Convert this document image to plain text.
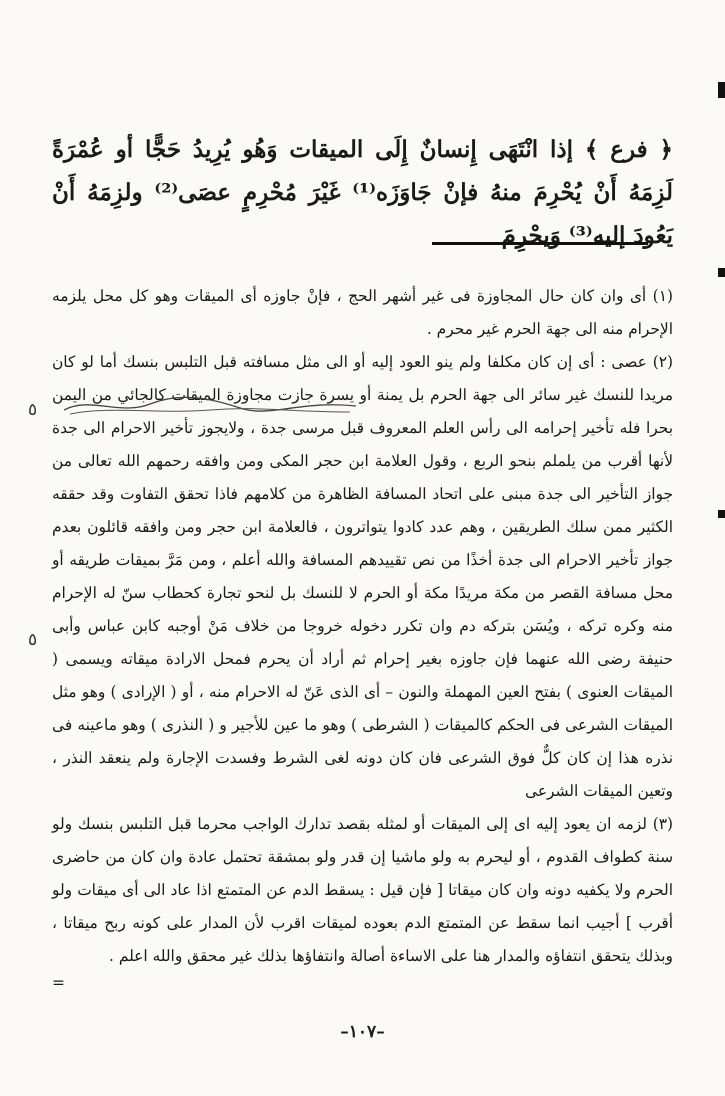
﴿ فرع ﴾ إذا انْتَهَى إِنسانٌ إِلَى الميقات وَهُو يُرِيدُ حَجًّا أو عُمْرَةً لَزِمَهُ أَنْ يُحْرِمَ منهُ فإنْ جَاوَزَه⁽¹⁾ غَيْرَ مُحْرِمٍ عصَى⁽²⁾ ولزِمَهُ أَنْ يَعُودَ إليه⁽³⁾ وَيحْرِمَ

(١) أى وان كان حال المجاوزة فى غير أشهر الحج ، فإنْ جاوزه أى الميقات وهو كل محل يلزمه الإحرام منه الى جهة الحرم غير محرم .

(٢) عصى : أى إن كان مكلفا ولم ينو العود إليه أو الى مثل مسافته قبل التلبس بنسك أما لو كان مريدا للنسك غير سائر الى جهة الحرم بل يمنة أو يسرة جازت مجاوزة الميقات كالجائي من اليمن بحرا فله تأخير إحرامه الى رأس العلم المعروف قبل مرسى جدة ، ولايجوز تأخير الاحرام الى جدة لأنها أقرب من يلملم بنحو الربع ، وقول العلامة ابن حجر المكى ومن وافقه رحمهم الله تعالى من جواز التأخير الى جدة مبنى على اتحاد المسافة الظاهرة من كلامهم فاذا تحقق التفاوت وقد حققه الكثير ممن سلك الطريقين ، وهم عدد كادوا يتواترون ، فالعلامة ابن حجر ومن وافقه قائلون بعدم جواز تأخير الاحرام الى جدة أخذًا من نص تقييدهم المسافة والله أعلم ، ومن مَرَّ بميقات طريقه أو محل مسافة القصر من مكة مريدًا مكة أو الحرم لا للنسك بل لنحو تجارة كحطاب سنّ له الإحرام منه وكره تركه ، ويُسَن بتركه دم وان تكرر دخوله خروجا من خلاف مَنْ أوجبه كابن عباس وأبى حنيفة رضى الله عنهما فإن جاوزه بغير إحرام ثم أراد أن يحرم فمحل الارادة ميقاته ويسمى ( الميقات العنوى ) بفتح العين المهملة والنون – أى الذى عَنّ له الاحرام منه ، أو ( الإرادى ) وهو مثل الميقات الشرعى فى الحكم كالميقات ( الشرطى ) وهو ما عين للأجير و ( النذرى ) وهو ماعينه فى نذره هذا إن كان كلٌّ فوق الشرعى فان كان دونه لغى الشرط وفسدت الإجارة ولم ينعقد النذر ، وتعين الميقات الشرعى

(٣) لزمه ان يعود إليه اى إلى الميقات أو لمثله بقصد تدارك الواجب محرما قبل التلبس بنسك ولو سنة كطواف القدوم ، أو ليحرم به ولو ماشيا إن قدر ولو بمشقة تحتمل عادة وان كان من حاضرى الحرم ولا يكفيه دونه وان كان ميقاتا [ فإن قيل : يسقط الدم عن المتمتع اذا عاد الى أى ميقات ولو أقرب ] أجيب انما سقط عن المتمتع الدم بعوده لميقات اقرب لأن المدار على كونه ربح ميقاتا ، وبذلك يتحقق انتفاؤه والمدار هنا على الاساءة أصالة وانتفاؤها بذلك غير محقق والله اعلم .

=
٥
٥
–١٠٧–
